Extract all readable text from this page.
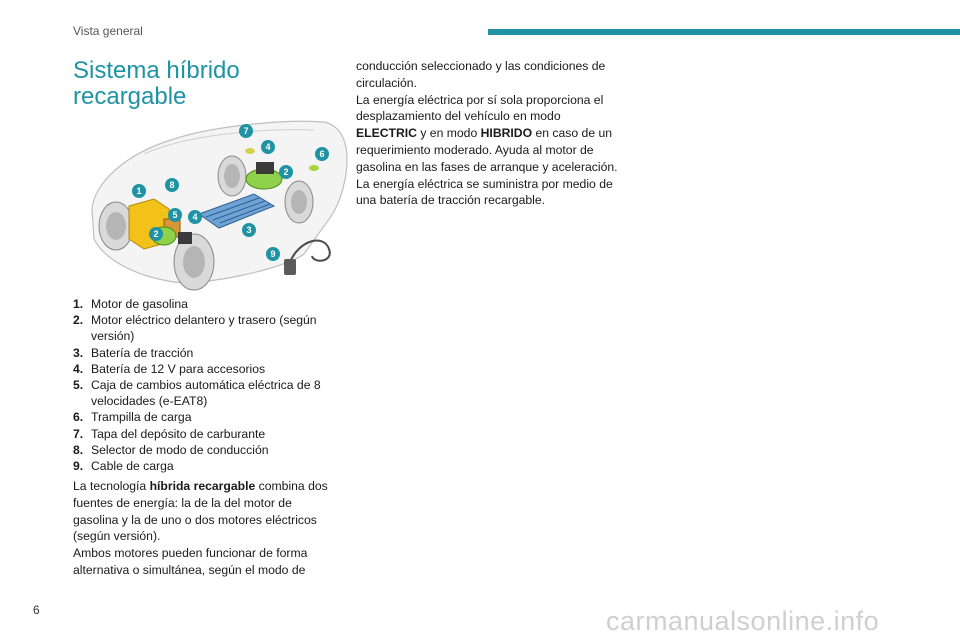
Vista general
Sistema híbrido recargable
1
2
2
3
4
4
5
6
7
8
9
1. Motor de gasolina
2. Motor eléctrico delantero y trasero (según versión)
3. Batería de tracción
4. Batería de 12 V para accesorios
5. Caja de cambios automática eléctrica de 8 velocidades (e-EAT8)
6. Trampilla de carga
7. Tapa del depósito de carburante
8. Selector de modo de conducción
9. Cable de carga

La tecnología híbrida recargable combina dos fuentes de energía: la de la del motor de gasolina y la de uno o dos motores eléctricos (según versión).
Ambos motores pueden funcionar de forma alternativa o simultánea, según el modo de

conducción seleccionado y las condiciones de circulación.
La energía eléctrica por sí sola proporciona el desplazamiento del vehículo en modo ELECTRIC y en modo HIBRIDO en caso de un requerimiento moderado. Ayuda al motor de gasolina en las fases de arranque y aceleración.
La energía eléctrica se suministra por medio de una batería de tracción recargable.

6	carmanualsonline.info
